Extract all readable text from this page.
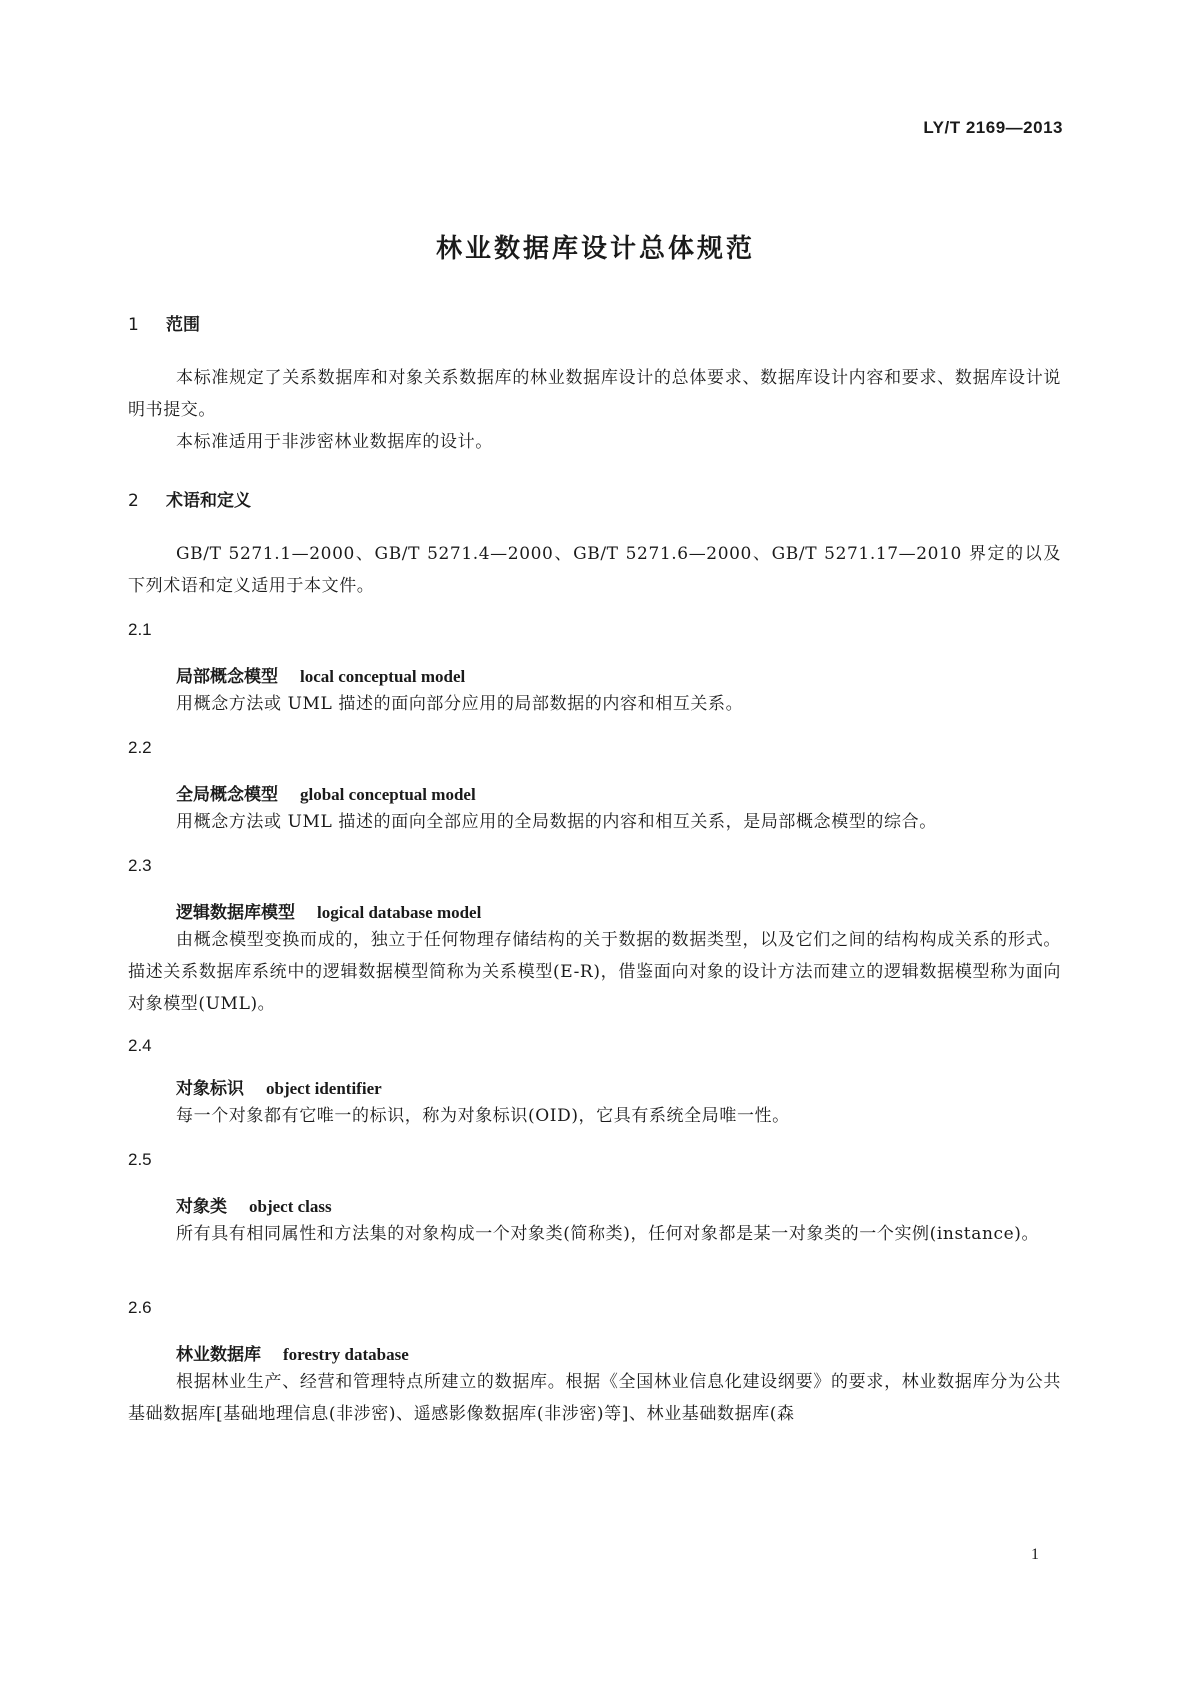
LY/T 2169—2013
林业数据库设计总体规范
1 范围
本标准规定了关系数据库和对象关系数据库的林业数据库设计的总体要求、数据库设计内容和要求、数据库设计说明书提交。
本标准适用于非涉密林业数据库的设计。
2 术语和定义
GB/T 5271.1—2000、GB/T 5271.4—2000、GB/T 5271.6—2000、GB/T 5271.17—2010 界定的以及下列术语和定义适用于本文件。
2.1
局部概念模型 local conceptual model
用概念方法或 UML 描述的面向部分应用的局部数据的内容和相互关系。
2.2
全局概念模型 global conceptual model
用概念方法或 UML 描述的面向全部应用的全局数据的内容和相互关系，是局部概念模型的综合。
2.3
逻辑数据库模型 logical database model
由概念模型变换而成的，独立于任何物理存储结构的关于数据的数据类型，以及它们之间的结构构成关系的形式。描述关系数据库系统中的逻辑数据模型简称为关系模型(E-R)，借鉴面向对象的设计方法而建立的逻辑数据模型称为面向对象模型(UML)。
2.4
对象标识 object identifier
每一个对象都有它唯一的标识，称为对象标识(OID)，它具有系统全局唯一性。
2.5
对象类 object class
所有具有相同属性和方法集的对象构成一个对象类(简称类)，任何对象都是某一对象类的一个实例(instance)。
2.6
林业数据库 forestry database
根据林业生产、经营和管理特点所建立的数据库。根据《全国林业信息化建设纲要》的要求，林业数据库分为公共基础数据库[基础地理信息(非涉密)、遥感影像数据库(非涉密)等]、林业基础数据库(森
1
